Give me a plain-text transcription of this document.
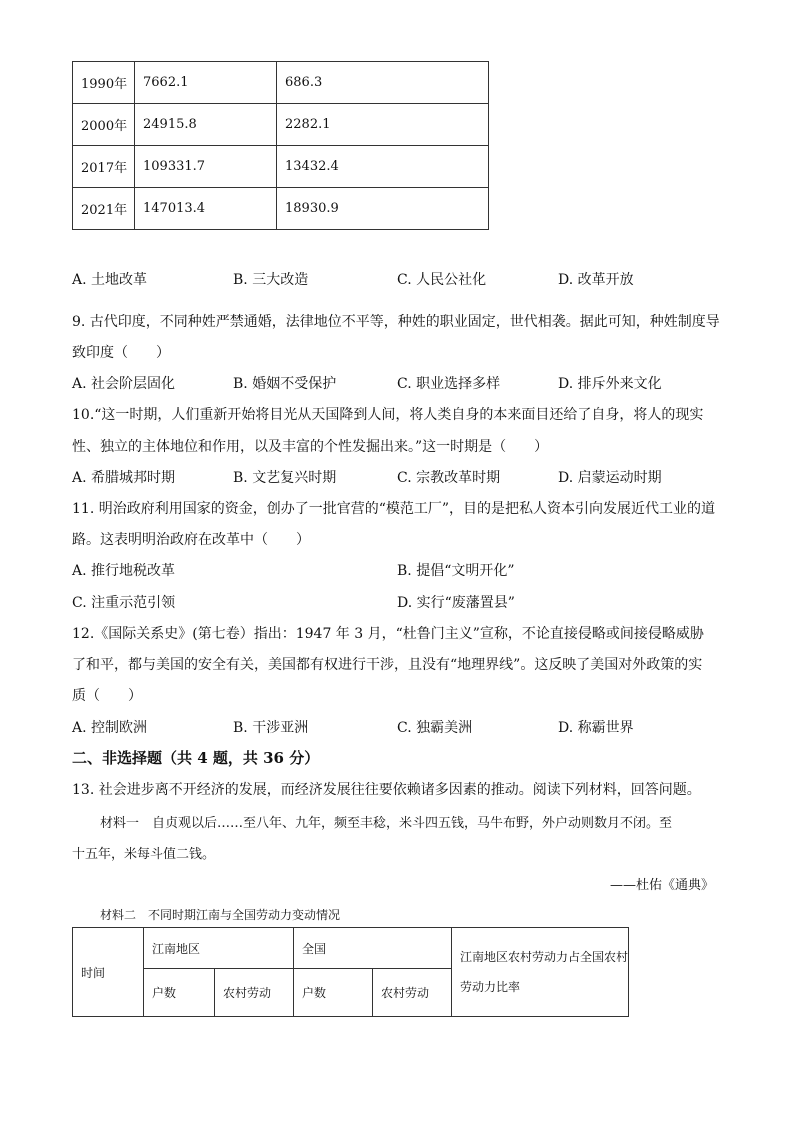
1990年	7662.1	686.3
2000年	24915.8	2282.1
2017年	109331.7	13432.4
2021年	147013.4	18930.9
A. 土地改革	B. 三大改造	C. 人民公社化	D. 改革开放
9. 古代印度，不同种姓严禁通婚，法律地位不平等，种姓的职业固定，世代相袭。据此可知，种姓制度导
致印度（　　）
A. 社会阶层固化	B. 婚姻不受保护	C. 职业选择多样	D. 排斥外来文化
10.“这一时期，人们重新开始将目光从天国降到人间，将人类自身的本来面目还给了自身，将人的现实
性、独立的主体地位和作用，以及丰富的个性发掘出来。”这一时期是（　　）
A. 希腊城邦时期	B. 文艺复兴时期	C. 宗教改革时期	D. 启蒙运动时期
11. 明治政府利用国家的资金，创办了一批官营的“模范工厂”，目的是把私人资本引向发展近代工业的道
路。这表明明治政府在改革中（　　）
A. 推行地税改革	B. 提倡“文明开化”
C. 注重示范引领	D. 实行“废藩置县”
12.《国际关系史》(第七卷）指出：1947 年 3 月，“杜鲁门主义”宣称，不论直接侵略或间接侵略威胁
了和平，都与美国的安全有关，美国都有权进行干涉，且没有“地理界线”。这反映了美国对外政策的实
质（　　）
A. 控制欧洲	B. 干涉亚洲	C. 独霸美洲	D. 称霸世界
二、非选择题（共 4 题，共 36 分）
13. 社会进步离不开经济的发展，而经济发展往往要依赖诸多因素的推动。阅读下列材料，回答问题。
材料一　自贞观以后……至八年、九年，频至丰稔，米斗四五钱，马牛布野，外户动则数月不闭。至
十五年，米每斗值二钱。
——杜佑《通典》
材料二　不同时期江南与全国劳动力变动情况
时间	江南地区		全国		江南地区农村劳动力占全国农村劳动力比率
	户数	农村劳动	户数	农村劳动	
